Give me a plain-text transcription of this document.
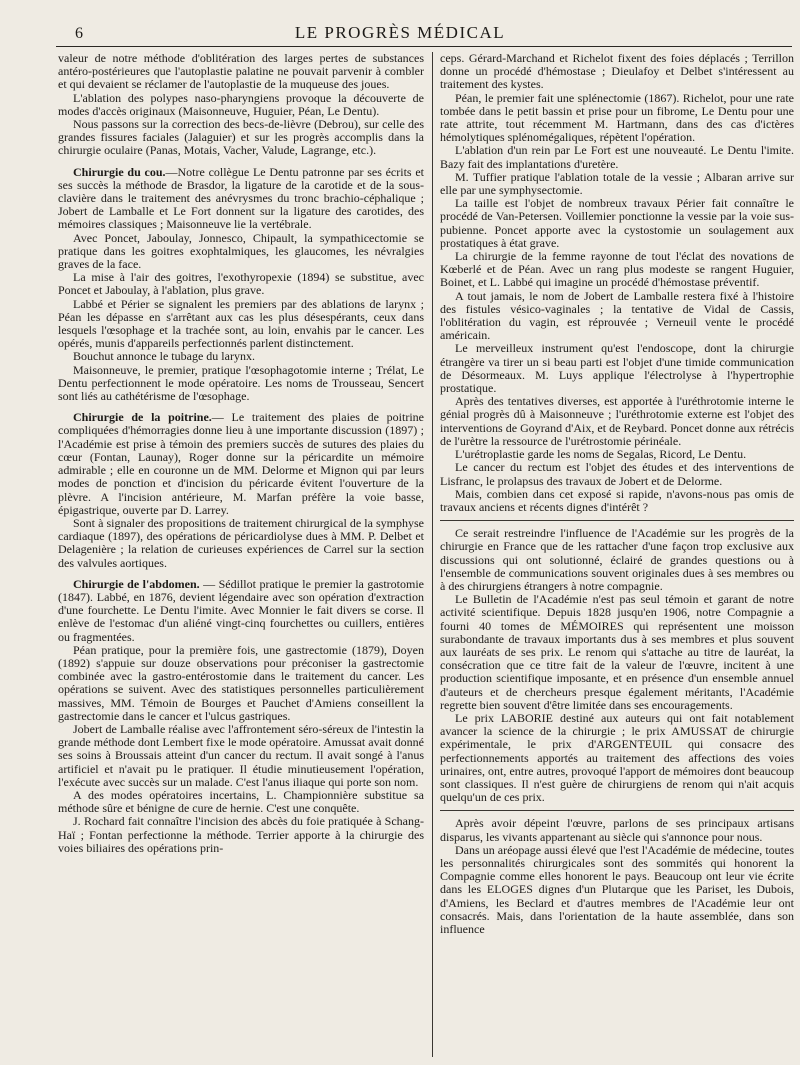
6	LE PROGRÈS MÉDICAL

valeur de notre méthode d'oblitération des larges pertes de substances antéro-postérieures que l'autoplastie palatine ne pouvait parvenir à combler et qui devaient se réclamer de l'autoplastie de la muqueuse des joues.

L'ablation des polypes naso-pharyngiens provoque la découverte de modes d'accès originaux (Maisonneuve, Huguier, Péan, Le Dentu).

Nous passons sur la correction des becs-de-lièvre (Debrou), sur celle des grandes fissures faciales (Jalaguier) et sur les progrès accomplis dans la chirurgie oculaire (Panas, Motais, Vacher, Valude, Lagrange, etc.).

Chirurgie du cou.—Notre collègue Le Dentu patronne par ses écrits et ses succès la méthode de Brasdor, la ligature de la carotide et de la sous-clavière dans le traitement des anévrysmes du tronc brachio-céphalique ; Jobert de Lamballe et Le Fort donnent sur la ligature des carotides, des mémoires classiques ; Maisonneuve lie la vertébrale.

Avec Poncet, Jaboulay, Jonnesco, Chipault, la sympathicectomie se pratique dans les goitres exophtalmiques, les glaucomes, les névralgies graves de la face.

La mise à l'air des goitres, l'exothyropexie (1894) se substitue, avec Poncet et Jaboulay, à l'ablation, plus grave.

Labbé et Périer se signalent les premiers par des ablations de larynx ; Péan les dépasse en s'arrêtant aux cas les plus désespérants, ceux dans lesquels l'œsophage et la trachée sont, au loin, envahis par le cancer. Les opérés, munis d'appareils perfectionnés parlent distinctement.

Bouchut annonce le tubage du larynx.

Maisonneuve, le premier, pratique l'œsophagotomie interne ; Trélat, Le Dentu perfectionnent le mode opératoire. Les noms de Trousseau, Sencert sont liés au cathétérisme de l'œsophage.

Chirurgie de la poitrine.— Le traitement des plaies de poitrine compliquées d'hémorragies donne lieu à une importante discussion (1897) ; l'Académie est prise à témoin des premiers succès de sutures des plaies du cœur (Fontan, Launay), Roger donne sur la péricardite un mémoire admirable ; elle en couronne un de MM. Delorme et Mignon qui par leurs modes de ponction et d'incision du péricarde évitent l'ouverture de la plèvre. A l'incision antérieure, M. Marfan préfère la voie basse, épigastrique, ouverte par D. Larrey.

Sont à signaler des propositions de traitement chirurgical de la symphyse cardiaque (1897), des opérations de péricardiolyse dues à MM. P. Delbet et Delagenière ; la relation de curieuses expériences de Carrel sur la section des valvules aortiques.

Chirurgie de l'abdomen. — Sédillot pratique le premier la gastrotomie (1847). Labbé, en 1876, devient légendaire avec son opération d'extraction d'une fourchette. Le Dentu l'imite. Avec Monnier le fait divers se corse. Il enlève de l'estomac d'un aliéné vingt-cinq fourchettes ou cuillers, entières ou fragmentées.

Péan pratique, pour la première fois, une gastrectomie (1879), Doyen (1892) s'appuie sur douze observations pour préconiser la gastrectomie combinée avec la gastro-entérostomie dans le traitement du cancer. Les opérations se suivent. Avec des statistiques personnelles particulièrement massives, MM. Témoin de Bourges et Pauchet d'Amiens conseillent la gastrectomie dans le cancer et l'ulcus gastriques.

Jobert de Lamballe réalise avec l'affrontement séro-séreux de l'intestin la grande méthode dont Lembert fixe le mode opératoire. Amussat avait donné ses soins à Broussais atteint d'un cancer du rectum. Il avait songé à l'anus artificiel et n'avait pu le pratiquer. Il étudie minutieusement l'opération, l'exécute avec succès sur un malade. C'est l'anus iliaque qui porte son nom.

A des modes opératoires incertains, L. Championnière substitue sa méthode sûre et bénigne de cure de hernie. C'est une conquête.

J. Rochard fait connaître l'incision des abcès du foie pratiquée à Schang-Haï ; Fontan perfectionne la méthode. Terrier apporte à la chirurgie des voies biliaires des opérations prin-

ceps. Gérard-Marchand et Richelot fixent des foies déplacés ; Terrillon donne un procédé d'hémostase ; Dieulafoy et Delbet s'intéressent au traitement des kystes.

Péan, le premier fait une splénectomie (1867). Richelot, pour une rate tombée dans le petit bassin et prise pour un fibrome, Le Dentu pour une rate attrite, tout récemment M. Hartmann, dans des cas d'ictères hémolytiques splénomégaliques, répètent l'opération.

L'ablation d'un rein par Le Fort est une nouveauté. Le Dentu l'imite. Bazy fait des implantations d'uretère.

M. Tuffier pratique l'ablation totale de la vessie ; Albaran arrive sur elle par une symphysectomie.

La taille est l'objet de nombreux travaux Périer fait connaître le procédé de Van-Petersen. Voillemier ponctionne la vessie par la voie sus-pubienne. Poncet apporte avec la cystostomie un soulagement aux prostatiques à état grave.

La chirurgie de la femme rayonne de tout l'éclat des novations de Kœberlé et de Péan. Avec un rang plus modeste se rangent Huguier, Boinet, et L. Labbé qui imagine un procédé d'hémostase préventif.

A tout jamais, le nom de Jobert de Lamballe restera fixé à l'histoire des fistules vésico-vaginales ; la tentative de Vidal de Cassis, l'oblitération du vagin, est réprouvée ; Verneuil vente le procédé américain.

Le merveilleux instrument qu'est l'endoscope, dont la chirurgie étrangère va tirer un si beau parti est l'objet d'une timide communication de Désormeaux. M. Luys applique l'électrolyse à l'hypertrophie prostatique.

Après des tentatives diverses, est apportée à l'uréthrotomie interne le génial progrès dû à Maisonneuve ; l'uréthrotomie externe est l'objet des interventions de Goyrand d'Aix, et de Reybard. Poncet donne aux rétrécis de l'urètre la ressource de l'urétrostomie périnéale.

L'urétroplastie garde les noms de Segalas, Ricord, Le Dentu.

Le cancer du rectum est l'objet des études et des interventions de Lisfranc, le prolapsus des travaux de Jobert et de Delorme.

Mais, combien dans cet exposé si rapide, n'avons-nous pas omis de travaux anciens et récents dignes d'intérêt ?

Ce serait restreindre l'influence de l'Académie sur les progrès de la chirurgie en France que de les rattacher d'une façon trop exclusive aux discussions qui ont solutionné, éclairé de grandes questions ou à l'ensemble de communications souvent originales dues à ses membres ou à des chirurgiens étrangers à notre compagnie.

Le Bulletin de l'Académie n'est pas seul témoin et garant de notre activité scientifique. Depuis 1828 jusqu'en 1906, notre Compagnie a fourni 40 tomes de MÉMOIRES qui représentent une moisson surabondante de travaux importants dus à ses membres et plus souvent aux lauréats de ses prix. Le renom qui s'attache au titre de lauréat, la consécration que ce titre fait de la valeur de l'œuvre, incitent à une production scientifique imposante, et en présence d'un ensemble annuel d'auteurs et de chercheurs presque également méritants, l'Académie regrette bien souvent d'être limitée dans ses encouragements.

Le prix LABORIE destiné aux auteurs qui ont fait notablement avancer la science de la chirurgie ; le prix AMUSSAT de chirurgie expérimentale, le prix d'ARGENTEUIL qui consacre des perfectionnements apportés au traitement des affections des voies urinaires, ont, entre autres, provoqué l'apport de mémoires dont beaucoup sont classiques. Il n'est guère de chirurgiens de renom qui n'ait acquis quelqu'un de ces prix.

Après avoir dépeint l'œuvre, parlons de ses principaux artisans disparus, les vivants appartenant au siècle qui s'annonce pour nous.

Dans un aréopage aussi élevé que l'est l'Académie de médecine, toutes les personnalités chirurgicales sont des sommités qui honorent la Compagnie comme elles honorent le pays. Beaucoup ont leur vie écrite dans les ELOGES dignes d'un Plutarque que les Pariset, les Dubois, d'Amiens, les Beclard et d'autres membres de l'Académie leur ont consacrés. Mais, dans l'orientation de la haute assemblée, dans son influence
